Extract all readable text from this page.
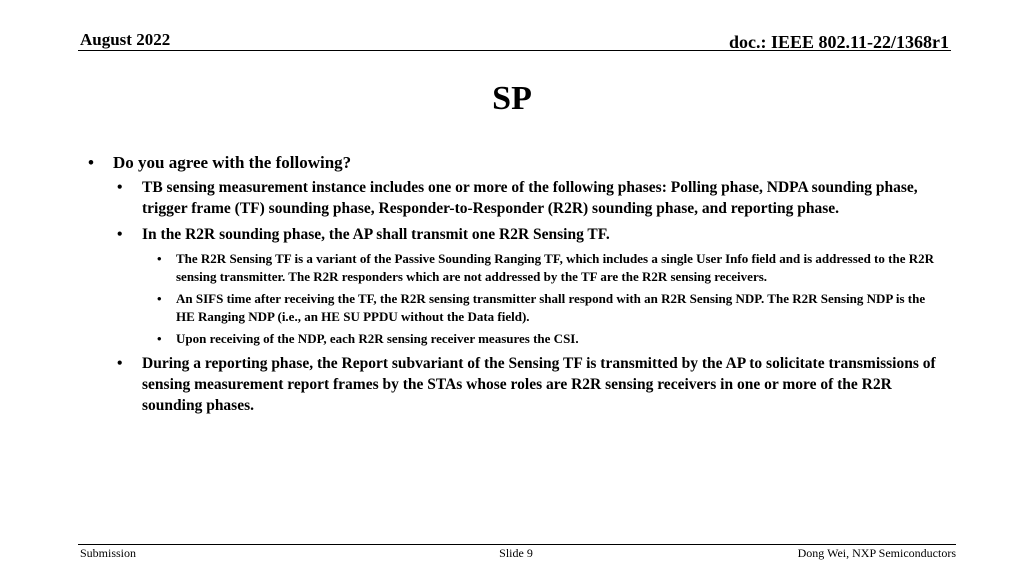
August 2022	doc.: IEEE 802.11-22/1368r1
SP
• Do you agree with the following?
• TB sensing measurement instance includes one or more of the following phases: Polling phase, NDPA sounding phase, trigger frame (TF) sounding phase, Responder-to-Responder (R2R) sounding phase, and reporting phase.
• In the R2R sounding phase, the AP shall transmit one R2R Sensing TF.
• The R2R Sensing TF is a variant of the Passive Sounding Ranging TF, which includes a single User Info field and is addressed to the R2R sensing transmitter. The R2R responders which are not addressed by the TF are the R2R sensing receivers.
• An SIFS time after receiving the TF, the R2R sensing transmitter shall respond with an R2R Sensing NDP. The R2R Sensing NDP is the HE Ranging NDP (i.e., an HE SU PPDU without the Data field).
• Upon receiving of the NDP, each R2R sensing receiver measures the CSI.
• During a reporting phase, the Report subvariant of the Sensing TF is transmitted by the AP to solicitate transmissions of sensing measurement report frames by the STAs whose roles are R2R sensing receivers in one or more of the R2R sounding phases.
Submission	Slide 9	Dong Wei, NXP Semiconductors
